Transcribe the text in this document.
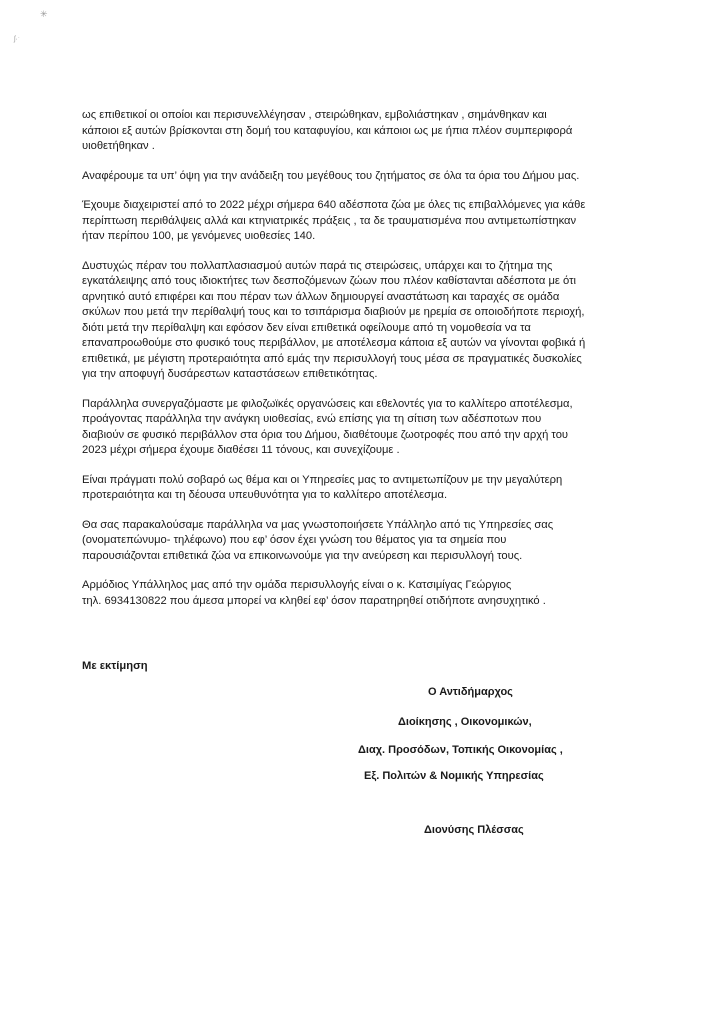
✳
ʃ·ˑ
ως επιθετικοί οι οποίοι και περισυνελλέγησαν , στειρώθηκαν, εμβολιάστηκαν , σημάνθηκαν και
κάποιοι εξ αυτών βρίσκονται στη δομή του καταφυγίου, και κάποιοι ως με ήπια πλέον συμπεριφορά
υιοθετήθηκαν .
Αναφέρουμε τα υπ’ όψη για την ανάδειξη του μεγέθους του ζητήματος σε όλα τα όρια του Δήμου μας.
Έχουμε διαχειριστεί από το 2022 μέχρι σήμερα 640 αδέσποτα ζώα με όλες τις επιβαλλόμενες για κάθε
περίπτωση περιθάλψεις αλλά και κτηνιατρικές πράξεις , τα δε τραυματισμένα που αντιμετωπίστηκαν
ήταν περίπου 100, με γενόμενες υιοθεσίες 140.
Δυστυχώς πέραν του πολλαπλασιασμού αυτών παρά τις στειρώσεις, υπάρχει και το ζήτημα της
εγκατάλειψης από τους ιδιοκτήτες των δεσποζόμενων ζώων που πλέον καθίστανται αδέσποτα με ότι
αρνητικό αυτό επιφέρει και που πέραν των άλλων δημιουργεί αναστάτωση και ταραχές σε ομάδα
σκύλων που μετά την περίθαλψή τους και το τσιπάρισμα διαβιούν με ηρεμία σε οποιοδήποτε περιοχή,
διότι μετά την περίθαλψη και εφόσον δεν είναι επιθετικά οφείλουμε από τη νομοθεσία να τα
επαναπροωθούμε στο φυσικό τους περιβάλλον, με αποτέλεσμα κάποια εξ αυτών να γίνονται φοβικά ή
επιθετικά, με μέγιστη προτεραιότητα από εμάς την περισυλλογή τους μέσα σε πραγματικές δυσκολίες
για την αποφυγή δυσάρεστων καταστάσεων επιθετικότητας.
Παράλληλα συνεργαζόμαστε με φιλοζωϊκές οργανώσεις και εθελοντές για το καλλίτερο αποτέλεσμα,
προάγοντας παράλληλα την ανάγκη υιοθεσίας, ενώ επίσης για τη σίτιση των αδέσποτων που
διαβιούν σε φυσικό περιβάλλον στα όρια του Δήμου, διαθέτουμε ζωοτροφές που από την αρχή του
2023 μέχρι σήμερα έχουμε διαθέσει 11 τόνους, και συνεχίζουμε .
Είναι πράγματι πολύ σοβαρό ως θέμα και οι Υπηρεσίες μας το αντιμετωπίζουν με την μεγαλύτερη
προτεραιότητα και τη δέουσα υπευθυνότητα για το καλλίτερο αποτέλεσμα.
Θα σας παρακαλούσαμε παράλληλα να μας γνωστοποιήσετε Υπάλληλο από τις Υπηρεσίες σας
(ονοματεπώνυμο- τηλέφωνο) που εφ’ όσον έχει γνώση του θέματος για τα σημεία που
παρουσιάζονται επιθετικά ζώα να επικοινωνούμε για την ανεύρεση και περισυλλογή τους.
Αρμόδιος Υπάλληλος μας από την ομάδα περισυλλογής είναι ο κ. Κατσιμίγας Γεώργιος
τηλ. 6934130822 που άμεσα μπορεί να κληθεί εφ’ όσον παρατηρηθεί οτιδήποτε ανησυχητικό .
Με εκτίμηση
Ο Αντιδήμαρχος
Διοίκησης , Οικονομικών,
Διαχ. Προσόδων, Τοπικής Οικονομίας ,
Εξ. Πολιτών & Νομικής Υπηρεσίας
Διονύσης Πλέσσας
